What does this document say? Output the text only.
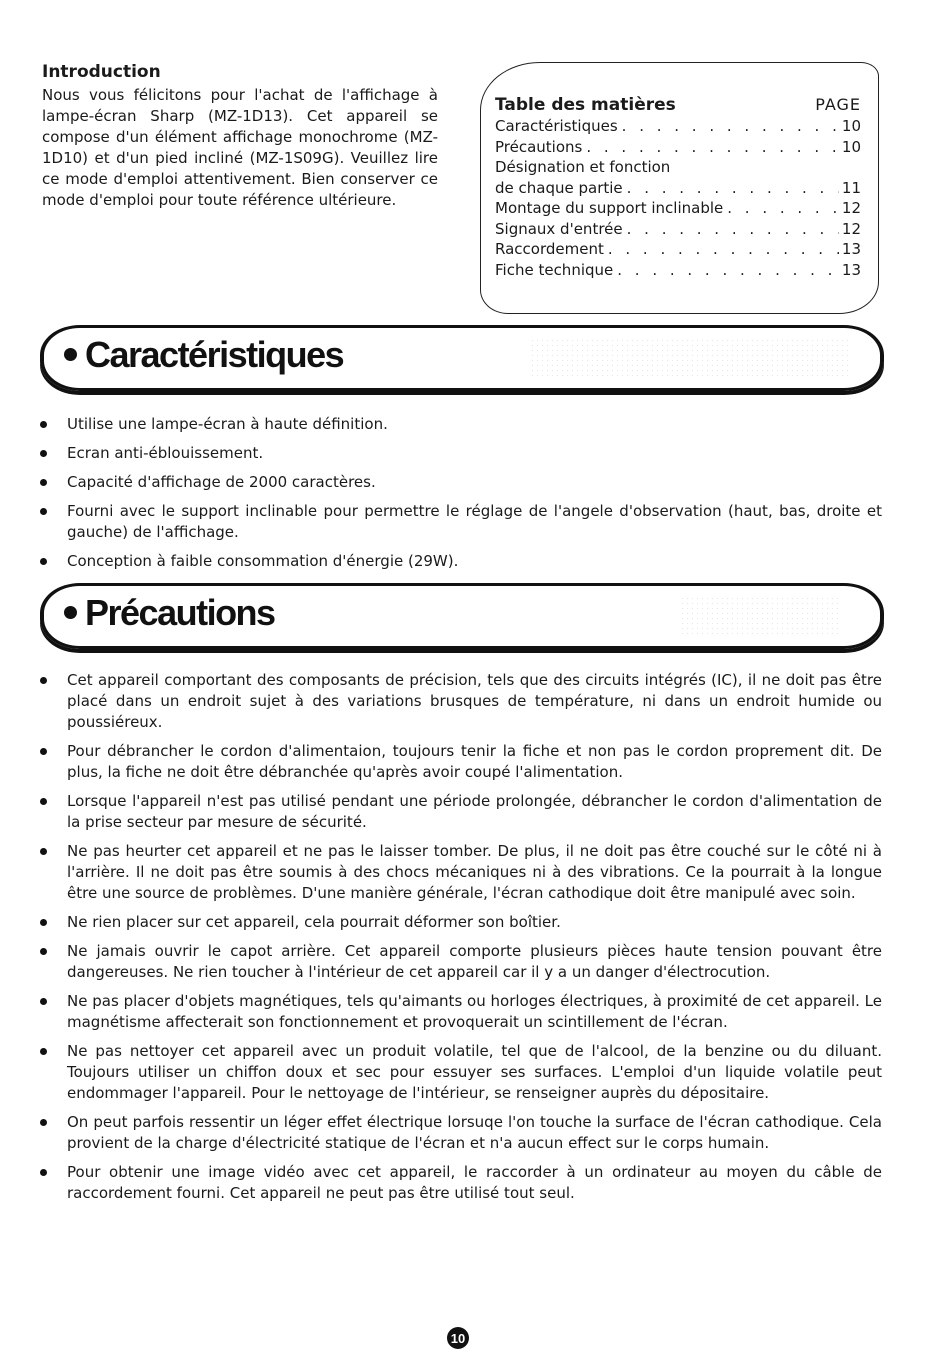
Introduction

Nous vous félicitons pour l'achat de l'affichage à lampe-écran Sharp (MZ-1D13). Cet appareil se compose d'un élément affichage monochrome (MZ-1D10) et d'un pied incliné (MZ-1S09G). Veuillez lire ce mode d'emploi attentivement. Bien conserver ce mode d'emploi pour toute référence ultérieure.

Table des matières	PAGE
Caractéristiques . . .	10
Précautions . . .	10
Désignation et fonction
de chaque partie . . .	11
Montage du support inclinable . . .	12
Signaux d'entrée . . .	12
Raccordement . . .	13
Fiche technique . . .	13
Caractéristiques
Utilise une lampe-écran à haute définition.
Ecran anti-éblouissement.
Capacité d'affichage de 2000 caractères.
Fourni avec le support inclinable pour permettre le réglage de l'angele d'observation (haut, bas, droite et gauche) de l'affichage.
Conception à faible consommation d'énergie (29W).
Précautions
Cet appareil comportant des composants de précision, tels que des circuits intégrés (IC), il ne doit pas être placé dans un endroit sujet à des variations brusques de température, ni dans un endroit humide ou poussiéreux.
Pour débrancher le cordon d'alimentaion, toujours tenir la fiche et non pas le cordon proprement dit. De plus, la fiche ne doit être débranchée qu'après avoir coupé l'alimentation.
Lorsque l'appareil n'est pas utilisé pendant une période prolongée, débrancher le cordon d'alimentation de la prise secteur par mesure de sécurité.
Ne pas heurter cet appareil et ne pas le laisser tomber. De plus, il ne doit pas être couché sur le côté ni à l'arrière. Il ne doit pas être soumis à des chocs mécaniques ni à des vibrations. Ce la pourrait à la longue être une source de problèmes. D'une manière générale, l'écran cathodique doit être manipulé avec soin.
Ne rien placer sur cet appareil, cela pourrait déformer son boîtier.
Ne jamais ouvrir le capot arrière. Cet appareil comporte plusieurs pièces haute tension pouvant être dangereuses. Ne rien toucher à l'intérieur de cet appareil car il y a un danger d'électrocution.
Ne pas placer d'objets magnétiques, tels qu'aimants ou horloges électriques, à proximité de cet appareil. Le magnétisme affecterait son fonctionnement et provoquerait un scintillement de l'écran.
Ne pas nettoyer cet appareil avec un produit volatile, tel que de l'alcool, de la benzine ou du diluant. Toujours utiliser un chiffon doux et sec pour essuyer ses surfaces. L'emploi d'un liquide volatile peut endommager l'appareil. Pour le nettoyage de l'intérieur, se renseigner auprès du dépositaire.
On peut parfois ressentir un léger effet électrique lorsuqe l'on touche la surface de l'écran cathodique. Cela provient de la charge d'électricité statique de l'écran et n'a aucun effect sur le corps humain.
Pour obtenir une image vidéo avec cet appareil, le raccorder à un ordinateur au moyen du câble de raccordement fourni. Cet appareil ne peut pas être utilisé tout seul.
10
